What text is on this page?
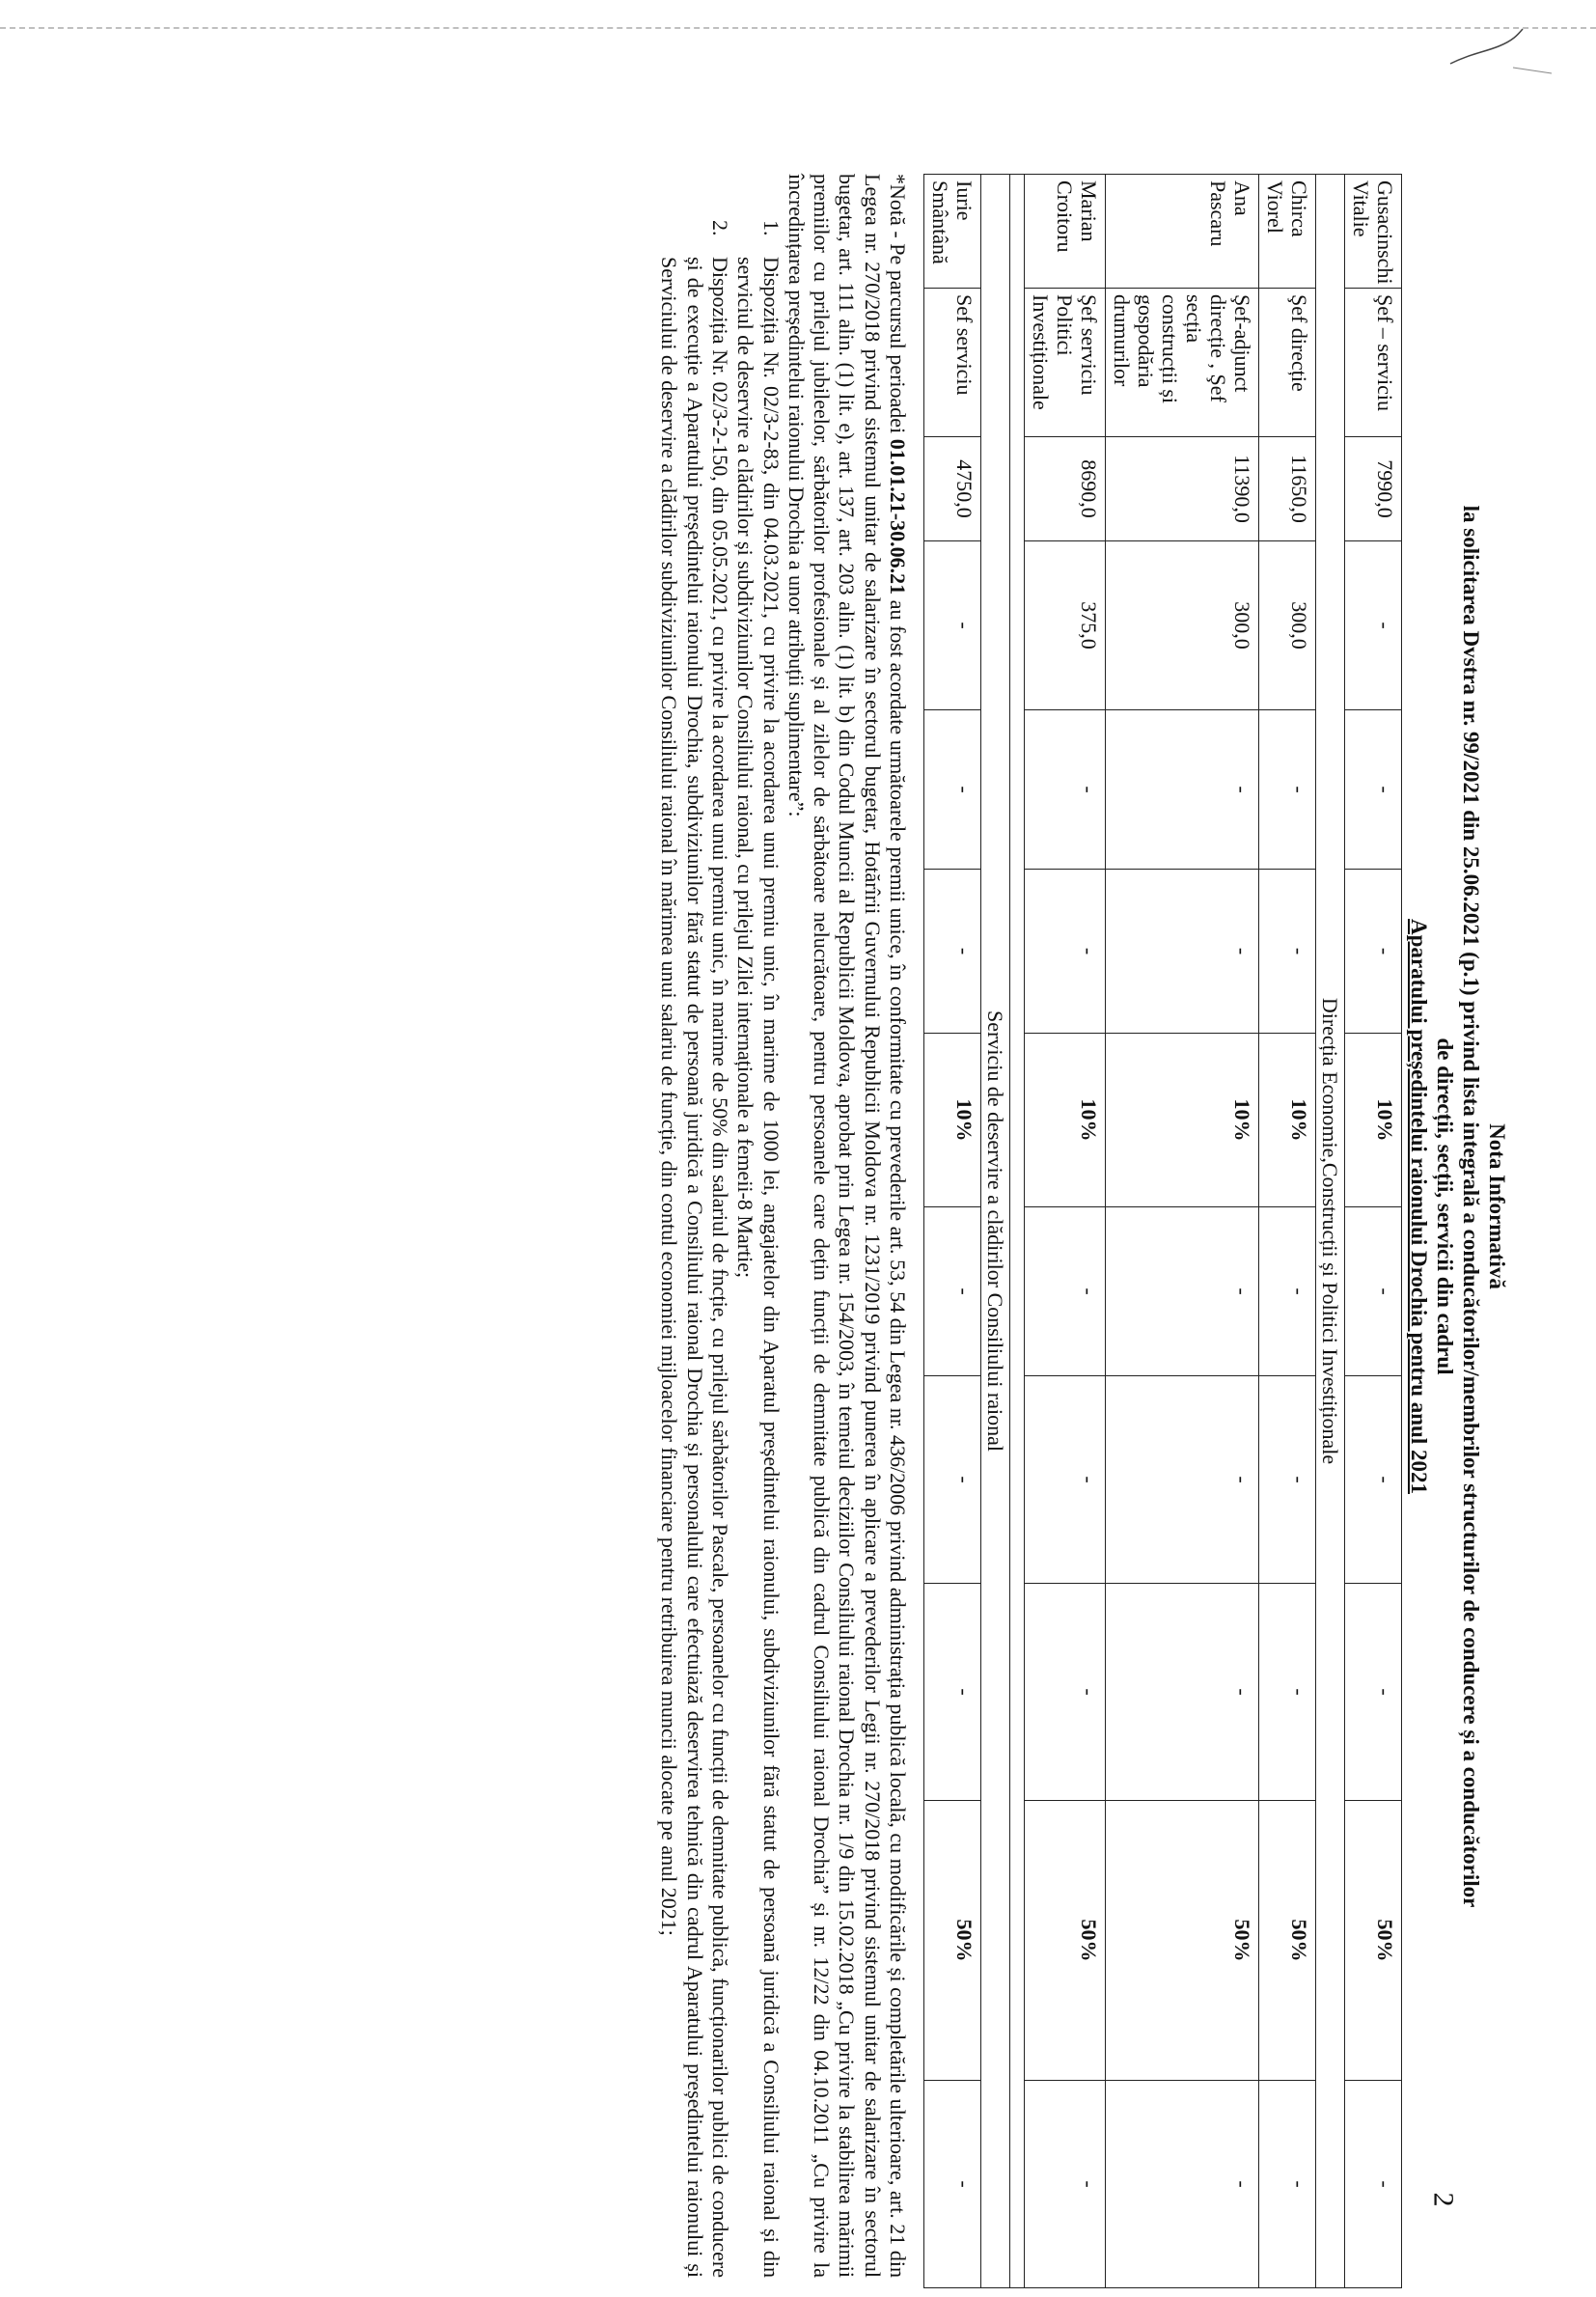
2
Nota Informativă
la solicitarea Dvstra nr. 99/2021 din 25.06.2021 (p.1) privind lista integrală a conducătorilor/membrilor structurilor de conducere și a conducătorilor
de direcții, secții, servicii din cadrul
Aparatului președintelui raionului Drochia pentru anul 2021
Gusacinschi Vitalie	Şef – serviciu	7990,0	-	-	-	10%	-	-	-	50%	-
Direcția Economie,Construcții și Politici Investiționale											
Chirca Viorel	Şef direcție	11650,0	300,0	-	-	10%	-	-	-	50%	-
Ana Pascaru	Şef-adjunct direcție , Şef secția construcții și gospodăria drumurilor	11390,0	300,0	-	-	10%	-	-	-	50%	-
Marian Croitoru	Şef serviciu Politici Investiționale	8690,0	375,0	-	-	10%	-	-	-	50%	-

Serviciu de deservire a clădirilor Consiliului raional											
Iurie Smântână	Sef serviciu	4750,0	-	-	-	10%	-	-	-	50%	-

*Notă - Pe parcursul perioadei 01.01.21-30.06.21 au fost acordate următoarele premii unice, în conformitate cu prevederile art. 53, 54 din Legea nr. 436/2006 privind administrația publică locală, cu modificările și completările ulterioare, art. 21 din Legea nr. 270/2018 privind sistemul unitar de salarizare în sectorul bugetar, Hotărîrii Guvernului Republicii Moldova nr. 1231/2019 privind punerea în aplicare a prevederilor Legii nr. 270/2018 privind sistemul unitar de salarizare în sectorul bugetar, art. 111 alin. (1) lit. e), art. 137, art. 203 alin. (1) lit. b) din Codul Muncii al Republicii Moldova, aprobat prin Legea nr. 154/2003, în temeiul deciziilor Consiliului raional Drochia nr. 1/9 din 15.02.2018 „Cu privire la stabilirea mărimii premiilor cu prilejul jubileelor, sărbătorilor profesionale și al zilelor de sărbătoare nelucrătoare, pentru persoanele care dețin funcții de demnitate publică din cadrul Consiliului raional Drochia” și nr. 12/22 din 04.10.2011 „Cu privire la încredințarea președintelui raionului Drochia a unor atribuții suplimentare”:

1. Dispoziția Nr. 02/3-2-83, din 04.03.2021, cu privire la acordarea unui premiu unic, în marime de 1000 lei, angajatelor din Aparatul președintelui raionului, subdiviziunilor fără statut de persoană juridică a Consiliului raional și din serviciul de deservire a clădirilor și subdiviziunilor Consiliului raional, cu prilejul Zilei internaționale a femeii-8 Martie;
2. Dispoziția Nr. 02/3-2-150, din 05.05.2021, cu privire la acordarea unui premiu unic, în marime de 50% din salariul de fncție, cu prilejul sărbătorilor Pascale, persoanelor cu funcții de demnitate publică, funcționarilor publici de conducere și de execuție a Aparatului președintelui raionului Drochia, subdiviziunilor fără statut de persoană juridică a Consiliului raional Drochia și personalului care efectuiază deservirea tehnică din cadrul Aparatului președintelui raionului și Serviciului de deservire a clădirilor subdiviziunilor Consiliului raional în mărimea unui salariu de funcție, din contul economiei mijloacelor financiare pentru retribuirea muncii alocate pe anul 2021;
